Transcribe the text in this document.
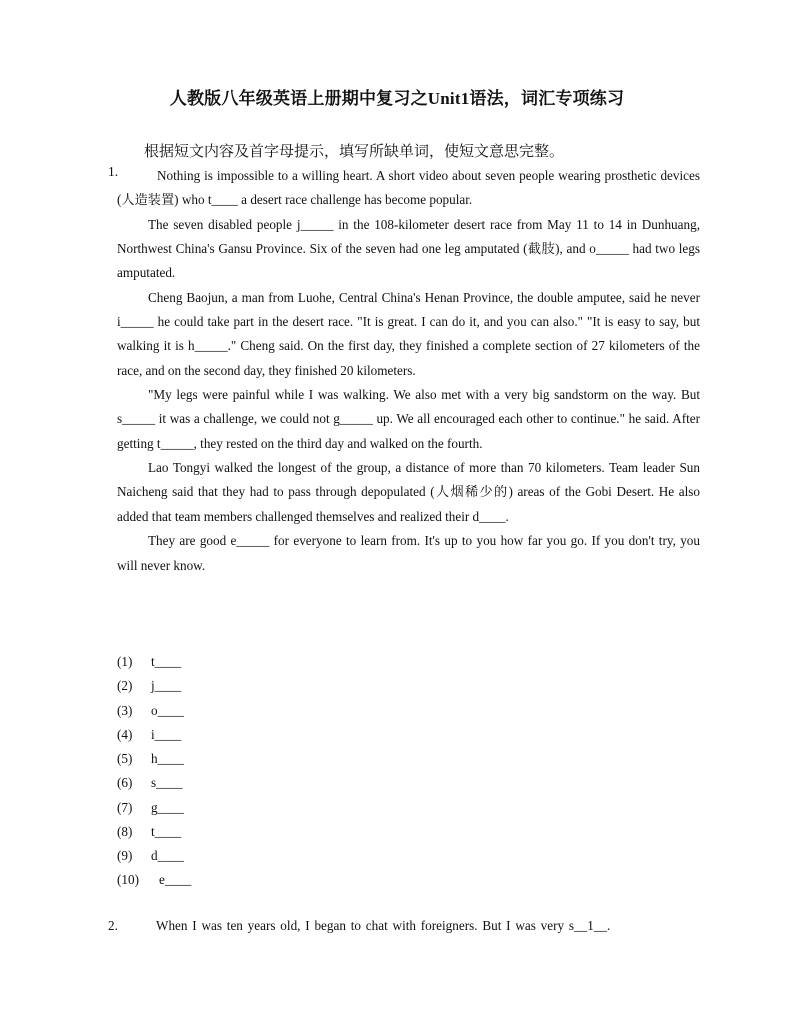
人教版八年级英语上册期中复习之Unit1语法，词汇专项练习
根据短文内容及首字母提示，填写所缺单词，使短文意思完整。
1.	Nothing is impossible to a willing heart. A short video about seven people wearing prosthetic devices (人造装置) who t____ a desert race challenge has become popular.

The seven disabled people j_____ in the 108-kilometer desert race from May 11 to 14 in Dunhuang, Northwest China's Gansu Province. Six of the seven had one leg amputated (截肢), and o_____ had two legs amputated.

Cheng Baojun, a man from Luohe, Central China's Henan Province, the double amputee, said he never i_____ he could take part in the desert race. "It is great. I can do it, and you can also." "It is easy to say, but walking it is h_____." Cheng said. On the first day, they finished a complete section of 27 kilometers of the race, and on the second day, they finished 20 kilometers.

"My legs were painful while I was walking. We also met with a very big sandstorm on the way. But s_____ it was a challenge, we could not g_____ up. We all encouraged each other to continue." he said. After getting t_____, they rested on the third day and walked on the fourth.

Lao Tongyi walked the longest of the group, a distance of more than 70 kilometers. Team leader Sun Naicheng said that they had to pass through depopulated (人烟稀少的) areas of the Gobi Desert. He also added that team members challenged themselves and realized their d____.

They are good e_____ for everyone to learn from. It's up to you how far you go. If you don't try, you will never know.

(1) t____
(2) j____
(3) o____
(4) i____
(5) h____
(6) s____
(7) g____
(8) t____
(9) d____
(10) e____
2.	When I was ten years old, I began to chat with foreigners. But I was very s__1__.
